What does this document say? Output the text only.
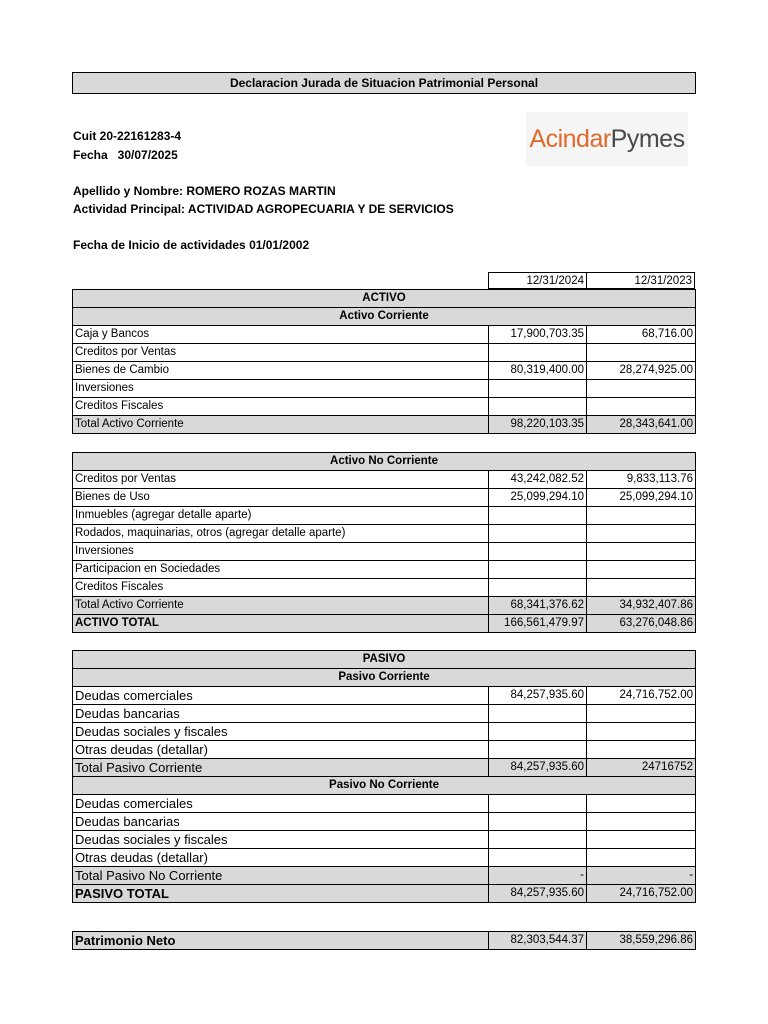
Declaracion Jurada de Situacion Patrimonial Personal
Cuit 20-22161283-4
Fecha   30/07/2025
Apellido y Nombre: ROMERO ROZAS MARTIN
Actividad Principal: ACTIVIDAD AGROPECUARIA Y DE SERVICIOS
Fecha de Inicio de actividades 01/01/2002
AcindarPymes
12/31/2024	12/31/2023
ACTIVO		
Activo Corriente		
Caja y Bancos	17,900,703.35	68,716.00
Creditos por Ventas		
Bienes de Cambio	80,319,400.00	28,274,925.00
Inversiones		
Creditos Fiscales		
Total Activo Corriente	98,220,103.35	28,343,641.00
Activo No Corriente		
Creditos por Ventas	43,242,082.52	9,833,113.76
Bienes de Uso	25,099,294.10	25,099,294.10
Inmuebles (agregar detalle aparte)		
Rodados, maquinarias, otros (agregar detalle aparte)		
Inversiones		
Participacion en Sociedades		
Creditos Fiscales		
Total Activo Corriente	68,341,376.62	34,932,407.86
ACTIVO TOTAL	166,561,479.97	63,276,048.86
PASIVO		
Pasivo Corriente		
Deudas comerciales	84,257,935.60	24,716,752.00
Deudas bancarias		
Deudas sociales y fiscales		
Otras deudas (detallar)		
Total Pasivo Corriente	84,257,935.60	24716752
Pasivo No Corriente		
Deudas comerciales		
Deudas bancarias		
Deudas sociales y fiscales		
Otras deudas (detallar)		
Total Pasivo No Corriente	-	-
PASIVO TOTAL	84,257,935.60	24,716,752.00
Patrimonio Neto	82,303,544.37	38,559,296.86
